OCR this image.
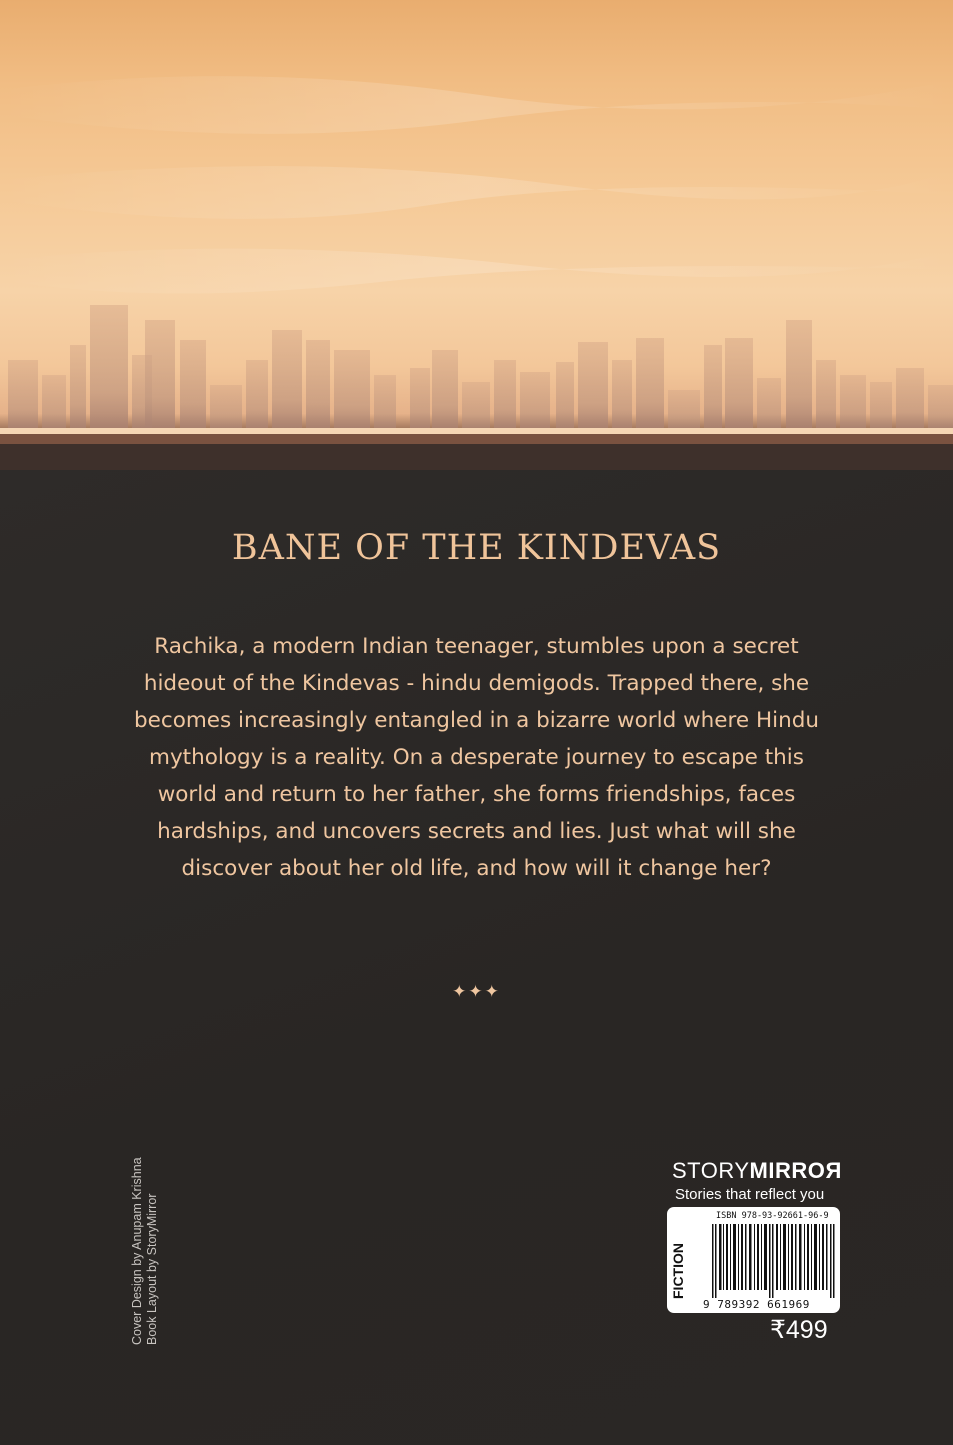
BANE OF THE KINDEVAS
Rachika, a modern Indian teenager, stumbles upon a secret hideout of the Kindevas - hindu demigods. Trapped there, she becomes increasingly entangled in a bizarre world where Hindu mythology is a reality. On a desperate journey to escape this world and return to her father, she forms friendships, faces hardships, and uncovers secrets and lies. Just what will she discover about her old life, and how will it change her?
✦✦✦
Cover Design by Anupam Krishna Book Layout by StoryMirror
STORYMIRROR
Stories that reflect you
FICTION
ISBN 978-93-92661-96-9
9 789392 661969
₹499
